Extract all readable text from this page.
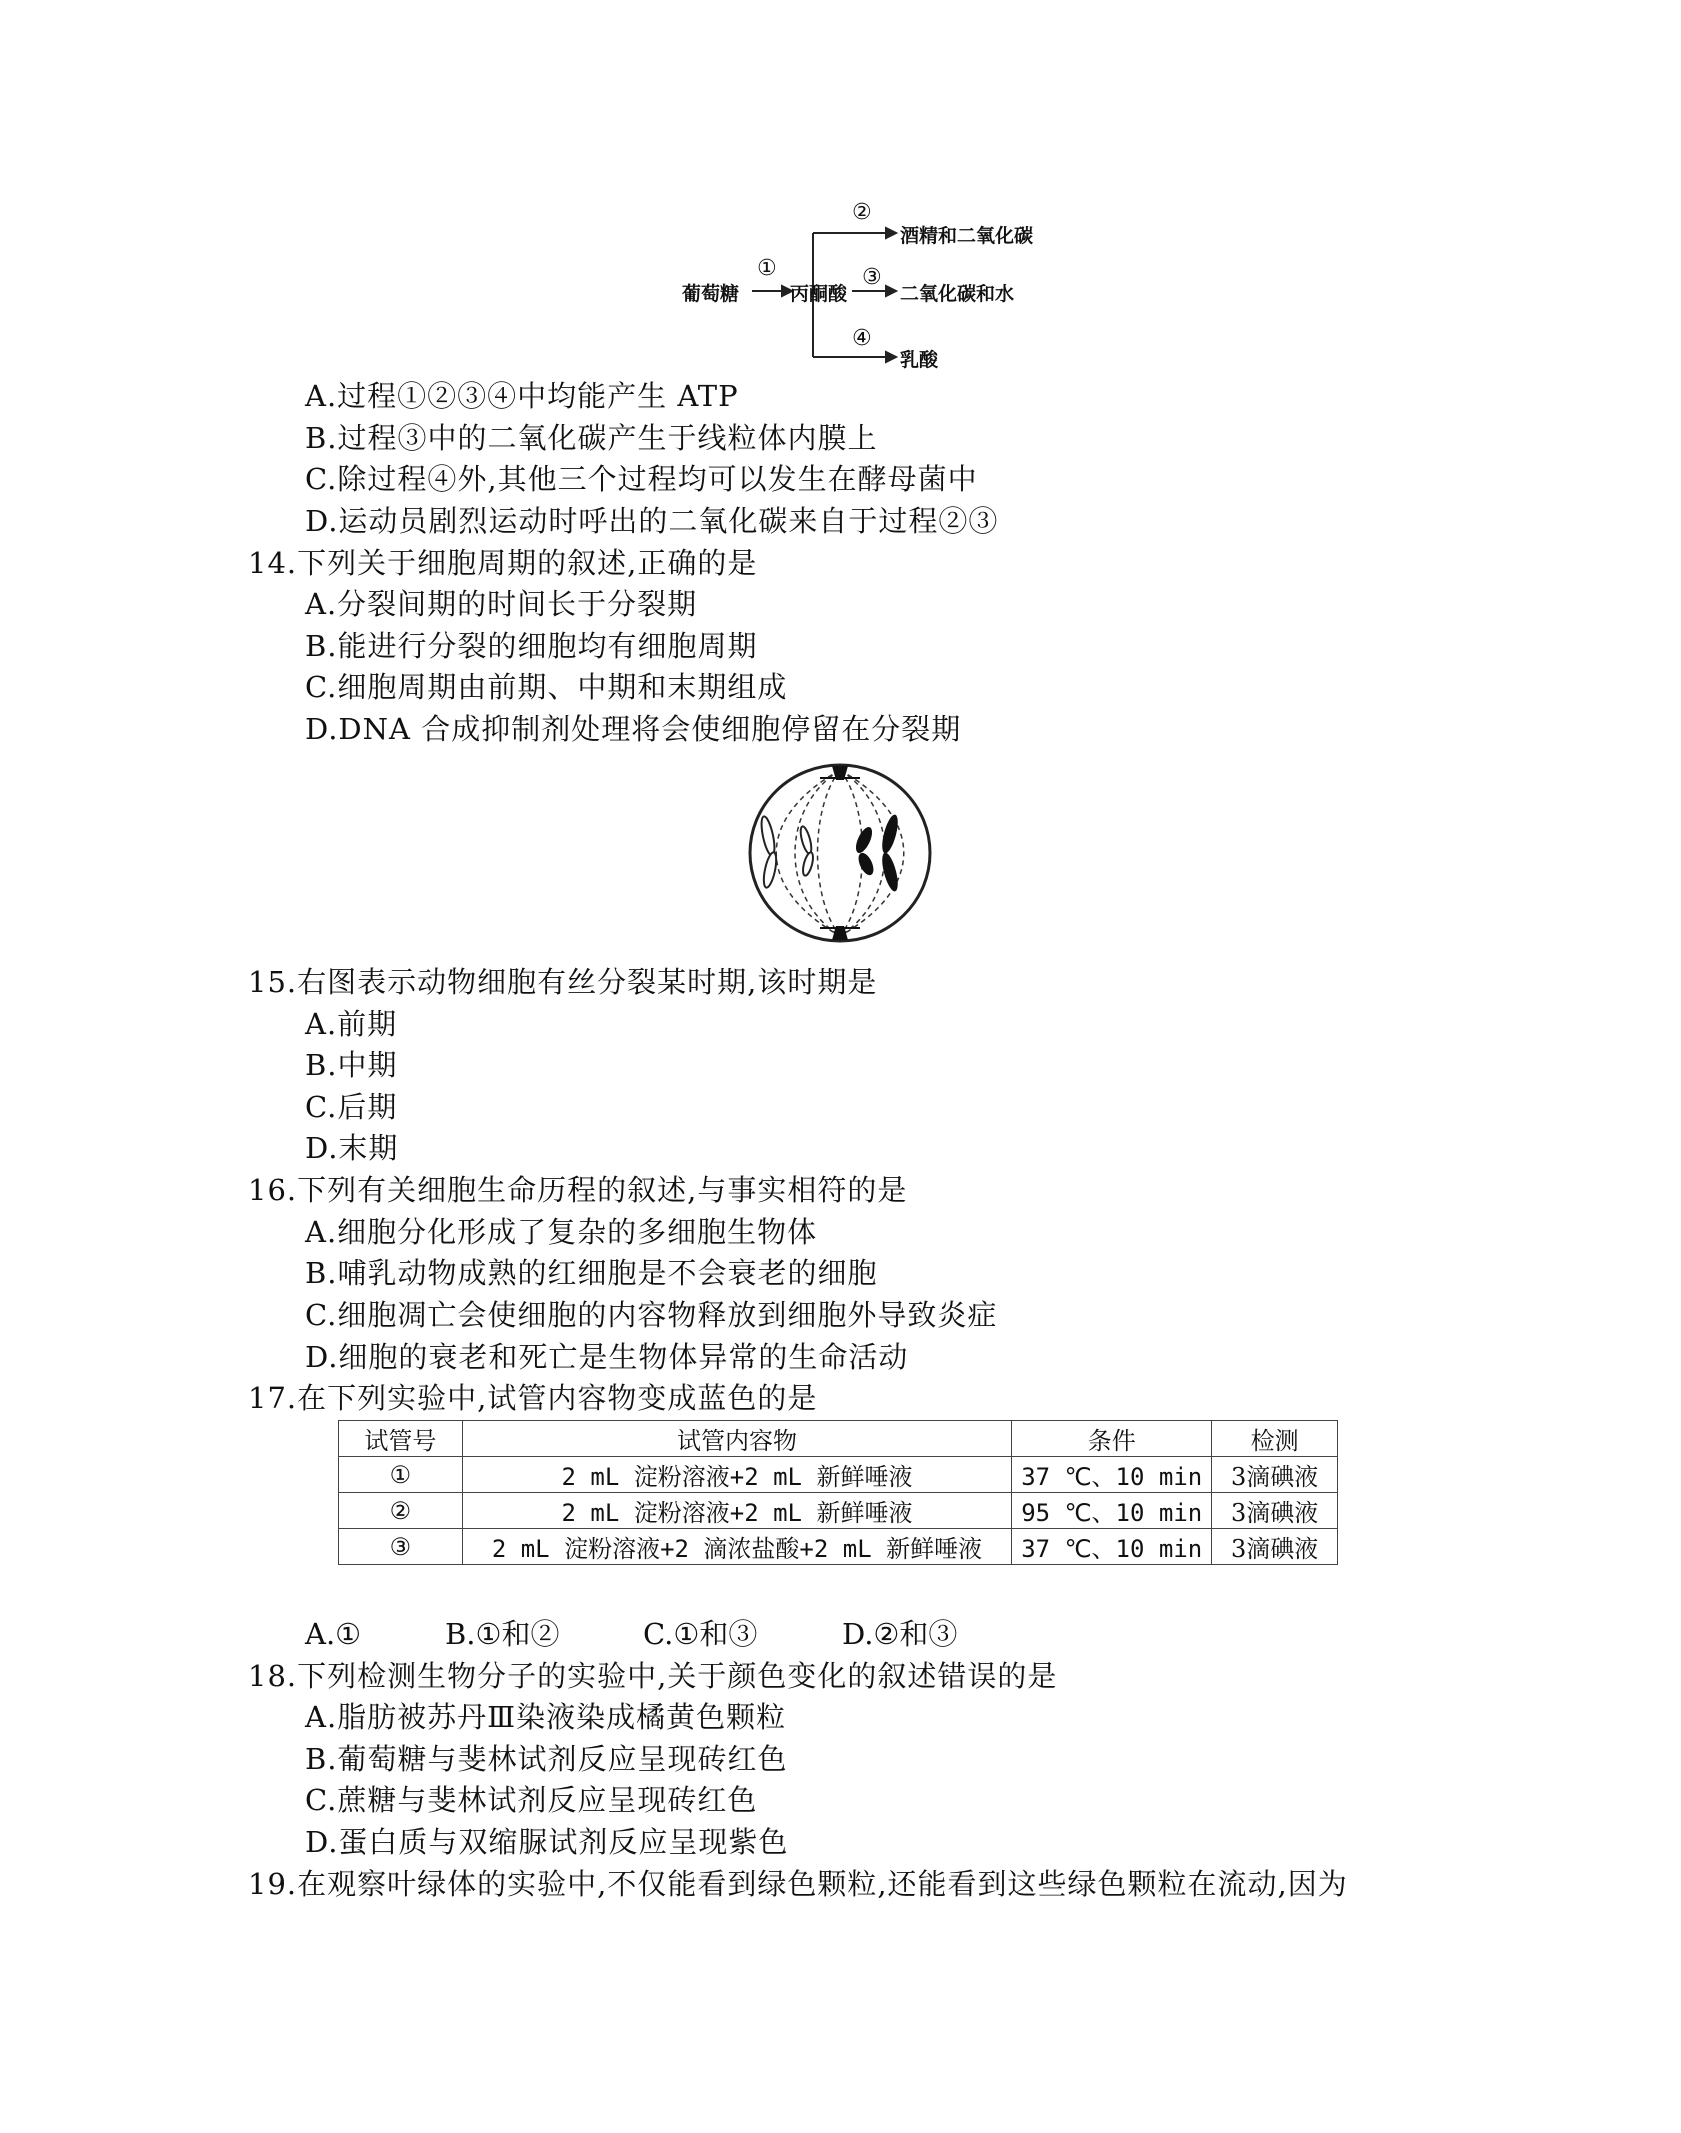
葡萄糖
①
丙酮酸
②
酒精和二氧化碳
③
二氧化碳和水
④
乳酸
A.过程①②③④中均能产生 ATP
B.过程③中的二氧化碳产生于线粒体内膜上
C.除过程④外,其他三个过程均可以发生在酵母菌中
D.运动员剧烈运动时呼出的二氧化碳来自于过程②③
14.下列关于细胞周期的叙述,正确的是
A.分裂间期的时间长于分裂期
B.能进行分裂的细胞均有细胞周期
C.细胞周期由前期、中期和末期组成
D.DNA 合成抑制剂处理将会使细胞停留在分裂期
15.右图表示动物细胞有丝分裂某时期,该时期是
A.前期
B.中期
C.后期
D.末期
16.下列有关细胞生命历程的叙述,与事实相符的是
A.细胞分化形成了复杂的多细胞生物体
B.哺乳动物成熟的红细胞是不会衰老的细胞
C.细胞凋亡会使细胞的内容物释放到细胞外导致炎症
D.细胞的衰老和死亡是生物体异常的生命活动
17.在下列实验中,试管内容物变成蓝色的是
试管号	试管内容物	条件	检测
①	2 mL 淀粉溶液+2 mL 新鲜唾液	37 ℃、10 min	3滴碘液
②	2 mL 淀粉溶液+2 mL 新鲜唾液	95 ℃、10 min	3滴碘液
③	2 mL 淀粉溶液+2 滴浓盐酸+2 mL 新鲜唾液	37 ℃、10 min	3滴碘液
A.①	B.①和②	C.①和③	D.②和③
18.下列检测生物分子的实验中,关于颜色变化的叙述错误的是
A.脂肪被苏丹Ⅲ染液染成橘黄色颗粒
B.葡萄糖与斐林试剂反应呈现砖红色
C.蔗糖与斐林试剂反应呈现砖红色
D.蛋白质与双缩脲试剂反应呈现紫色
19.在观察叶绿体的实验中,不仅能看到绿色颗粒,还能看到这些绿色颗粒在流动,因为
